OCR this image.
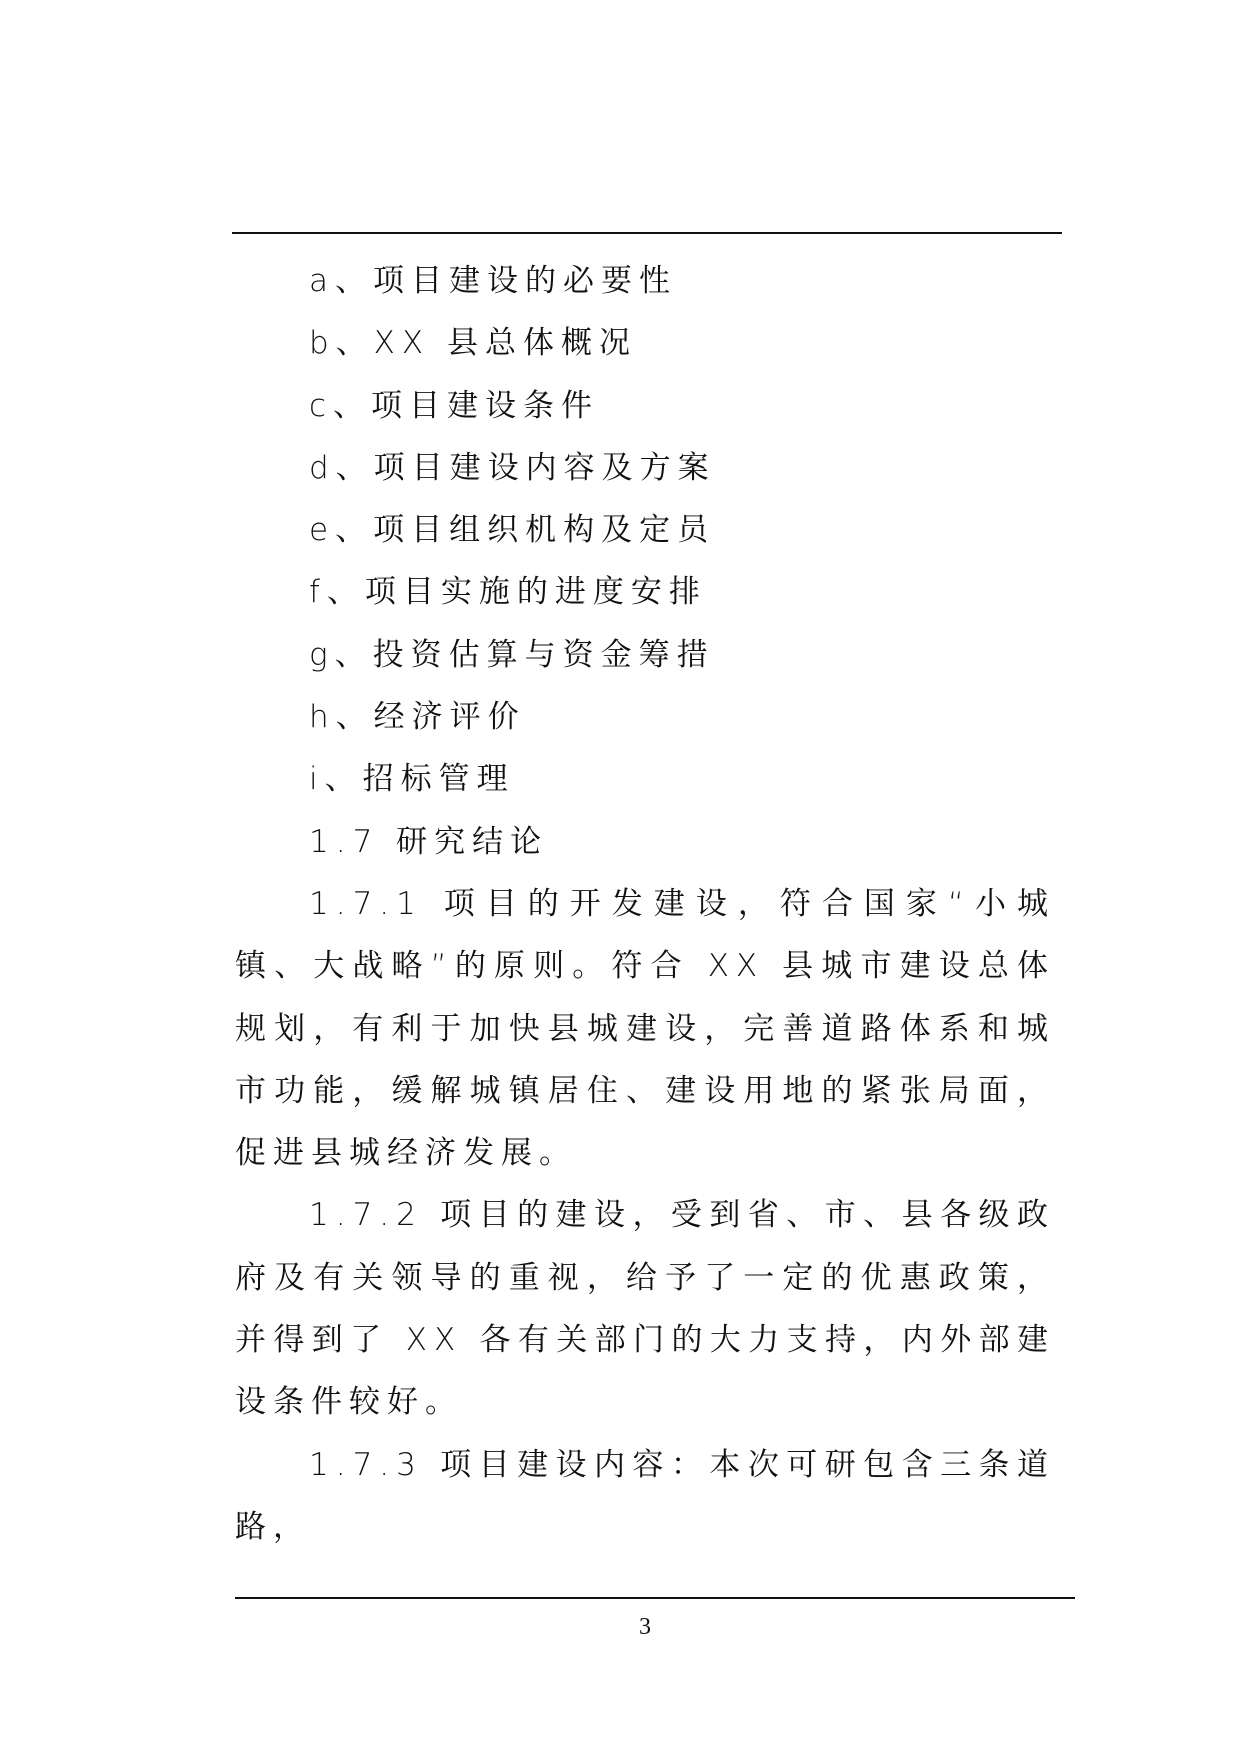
a、项目建设的必要性

b、XX 县总体概况

c、项目建设条件

d、项目建设内容及方案

e、项目组织机构及定员

f、项目实施的进度安排

g、投资估算与资金筹措

h、经济评价

i、招标管理

1.7 研究结论

1.7.1 项目的开发建设，符合国家“小城镇、大战略”的原则。符合 XX 县城市建设总体规划，有利于加快县城建设，完善道路体系和城市功能，缓解城镇居住、建设用地的紧张局面，促进县城经济发展。

1.7.2 项目的建设，受到省、市、县各级政府及有关领导的重视，给予了一定的优惠政策，并得到了 XX 各有关部门的大力支持，内外部建设条件较好。

1.7.3 项目建设内容：本次可研包含三条道路，

3
